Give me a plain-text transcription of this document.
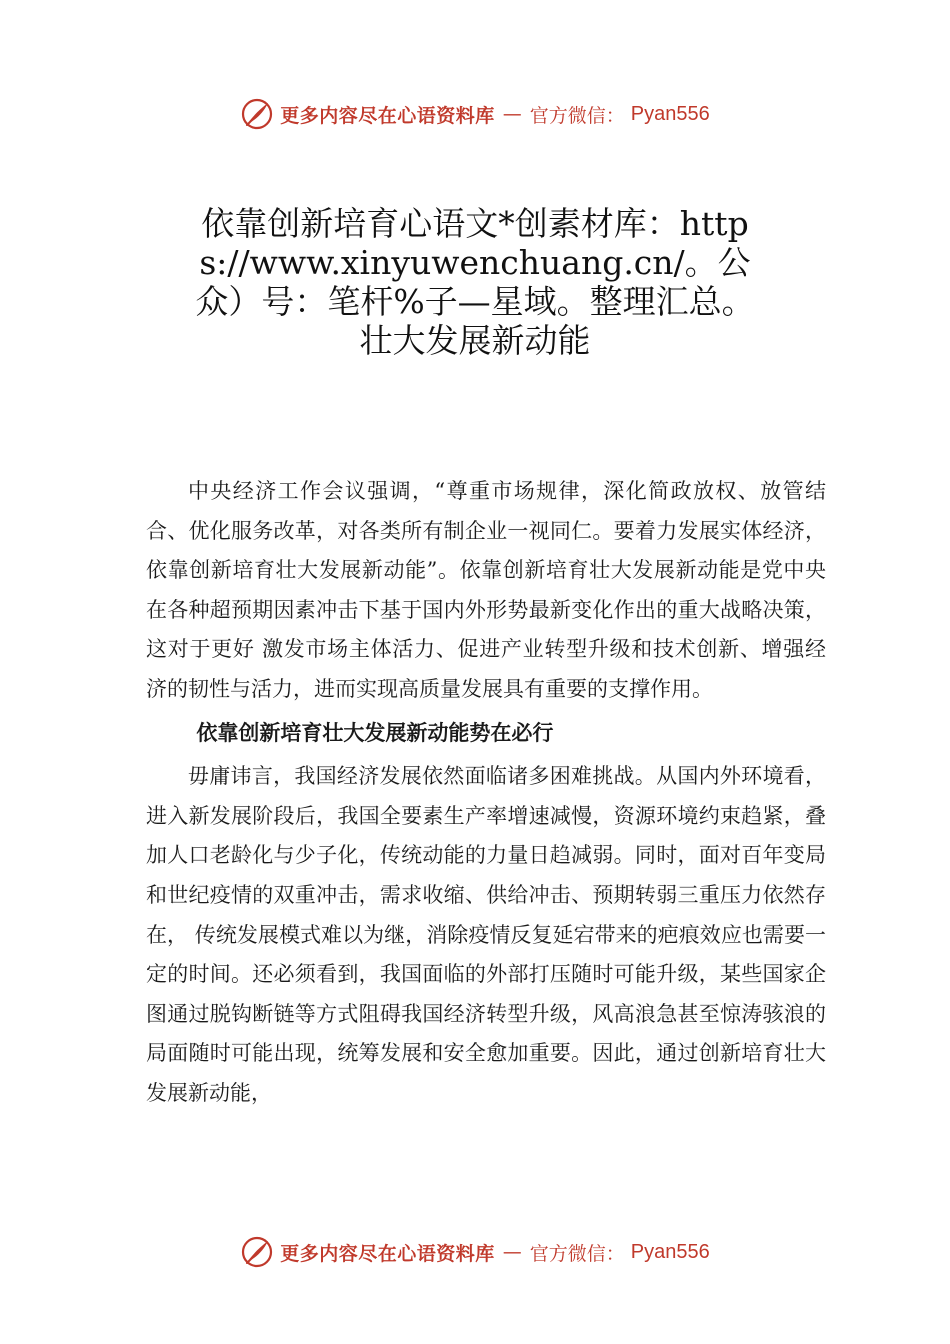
更多内容尽在心语资料库 — 官方微信： Pyan556
依靠创新培育心语文*创素材库：https://www.xinyuwenchuang.cn/。公众）号：笔杆%子—星域。整理汇总。壮大发展新动能

中央经济工作会议强调，“尊重市场规律，深化简政放权、放管结合、优化服务改革，对各类所有制企业一视同仁。要着力发展实体经济，依靠创新培育壮大发展新动能”。依靠创新培育壮大发展新动能是党中央在各种超预期因素冲击下基于国内外形势最新变化作出的重大战略决策，这对于更好 激发市场主体活力、促进产业转型升级和技术创新、增强经 济的韧性与活力，进而实现高质量发展具有重要的支撑作用。

依靠创新培育壮大发展新动能势在必行

毋庸讳言，我国经济发展依然面临诸多困难挑战。从国内外环境看，进入新发展阶段后，我国全要素生产率增速减慢，资源环境约束趋紧，叠加人口老龄化与少子化，传统动能的力量日趋减弱。同时，面对百年变局和世纪疫情的双重冲击，需求收缩、供给冲击、预期转弱三重压力依然存在， 传统发展模式难以为继，消除疫情反复延宕带来的疤痕效应也需要一定的时间。还必须看到，我国面临的外部打压随时可能升级，某些国家企图通过脱钩断链等方式阻碍我国经济转型升级，风高浪急甚至惊涛骇浪的局面随时可能出现，统筹发展和安全愈加重要。因此，通过创新培育壮大发展新动能，

更多内容尽在心语资料库 — 官方微信： Pyan556
